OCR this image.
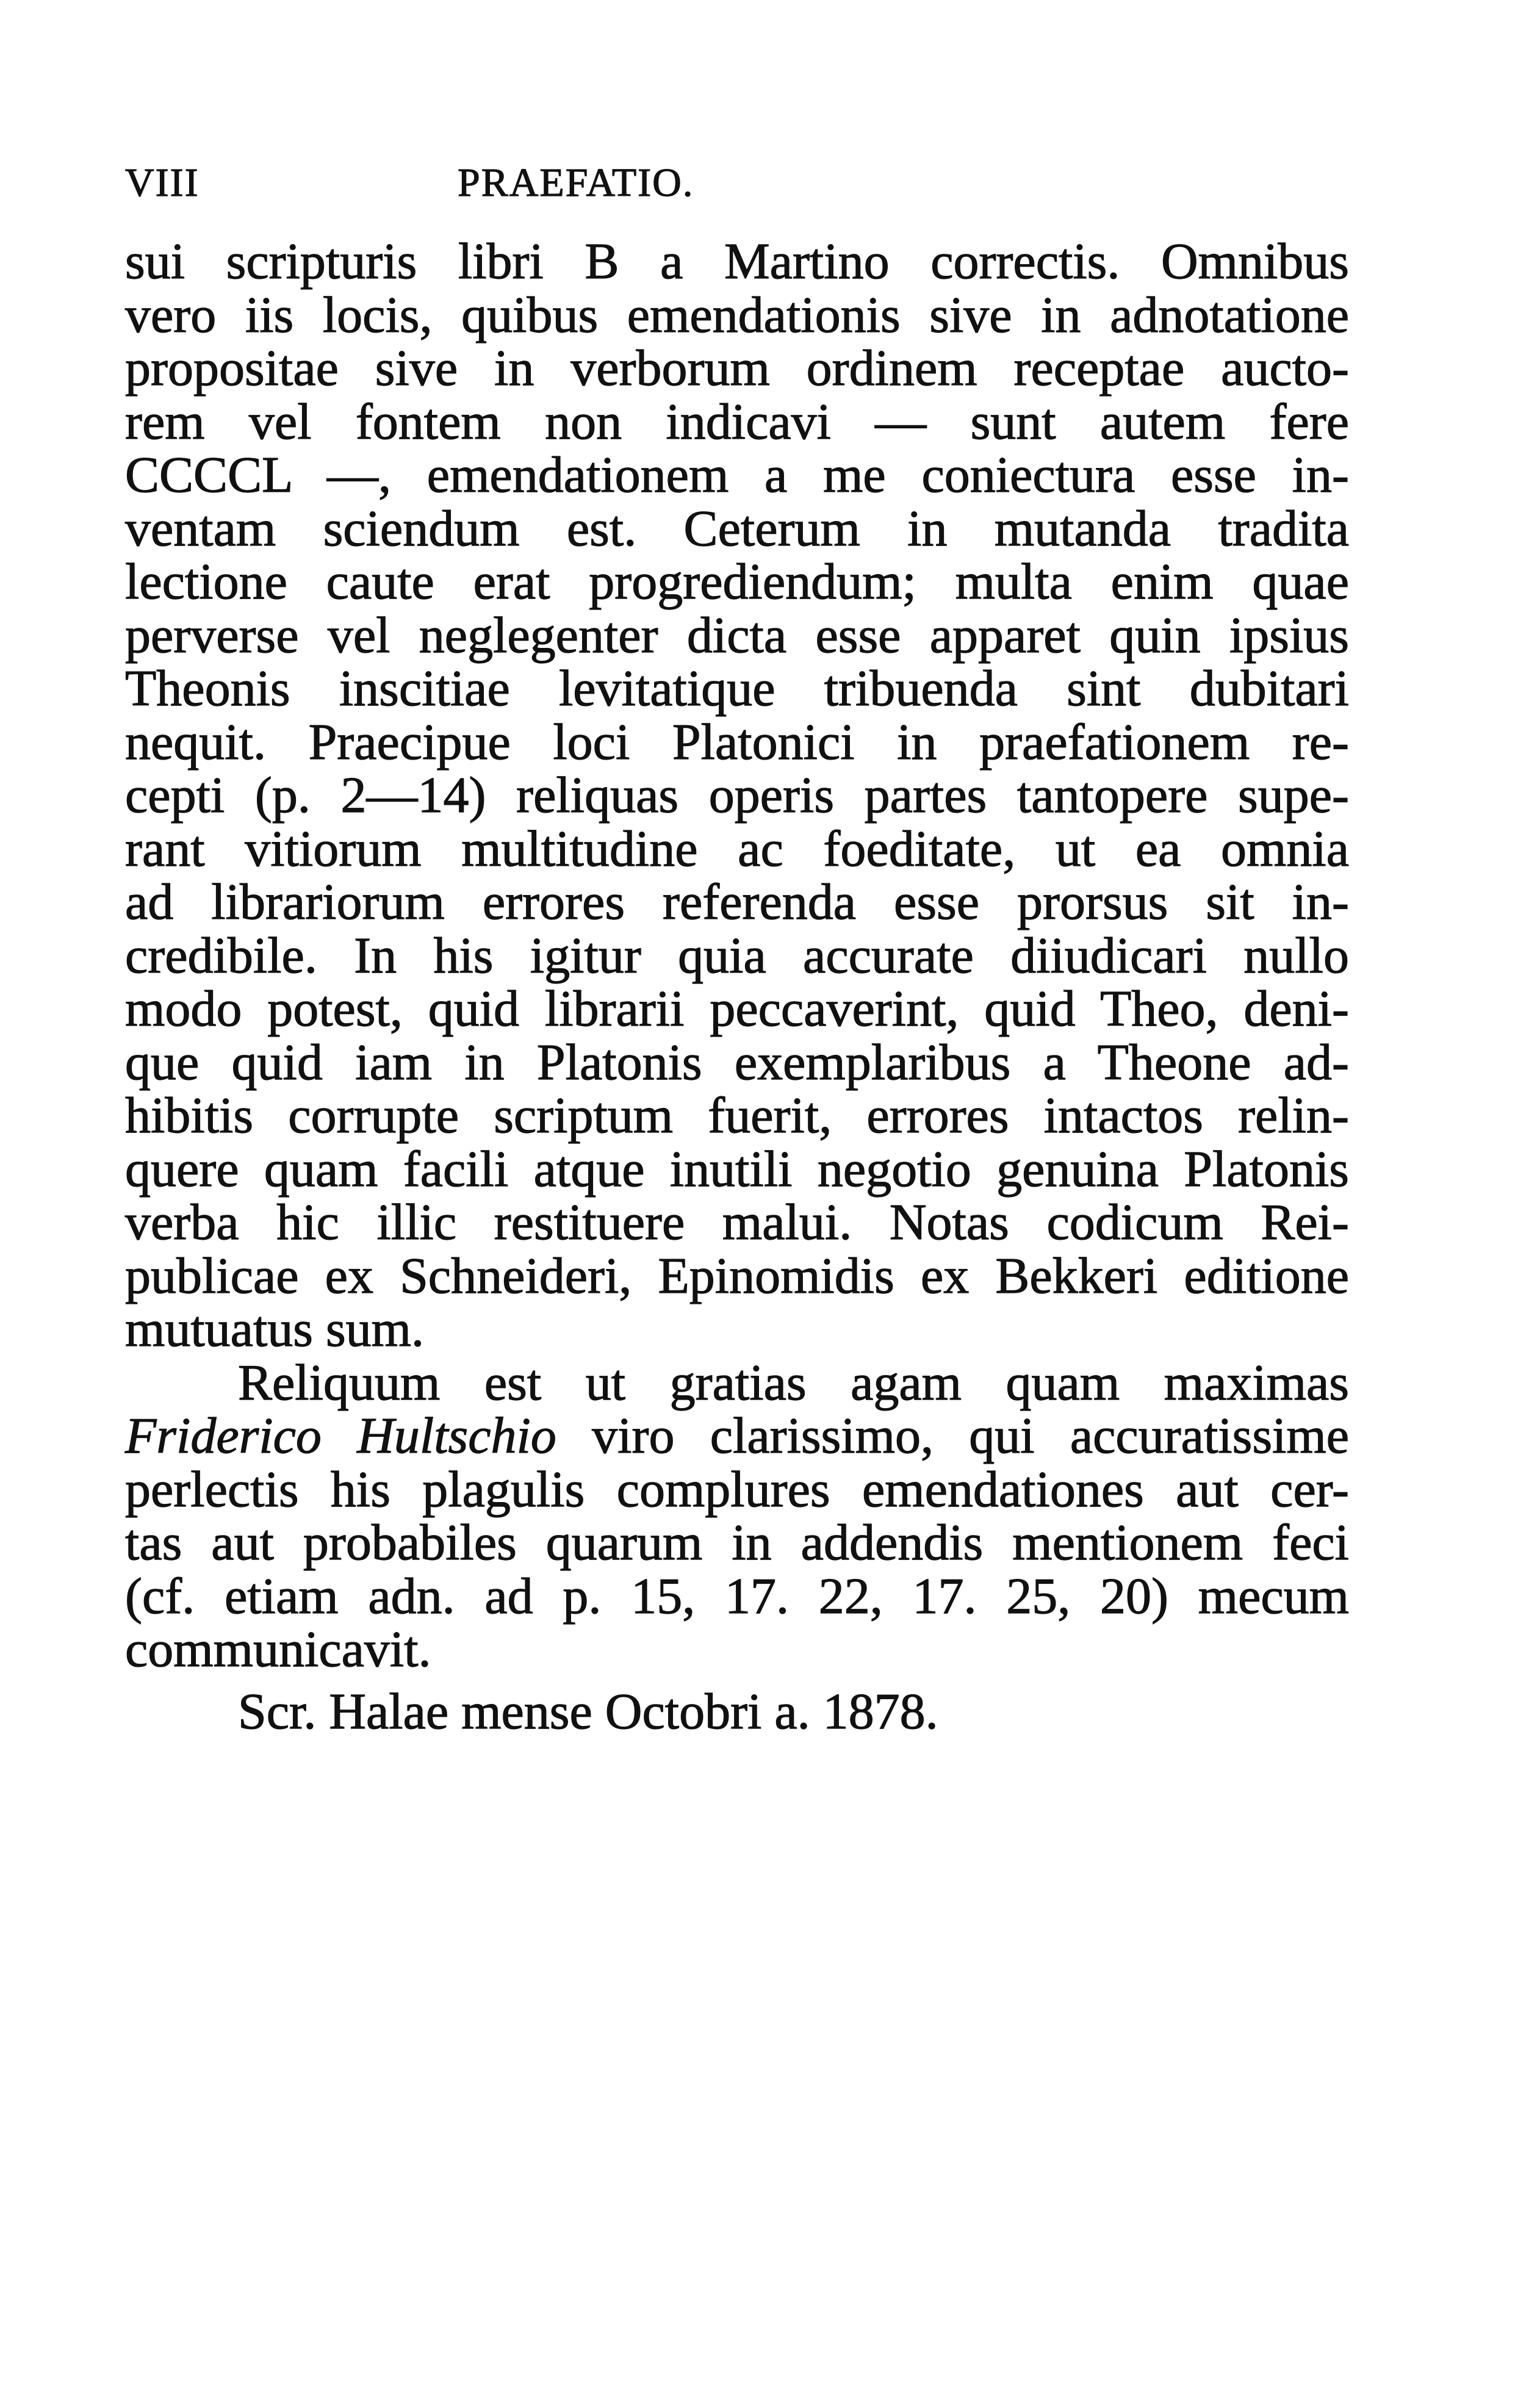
VIII	PRAEFATIO.
sui scripturis libri B a Martino correctis. Omnibus
vero iis locis, quibus emendationis sive in adnotatione
propositae sive in verborum ordinem receptae aucto-
rem vel fontem non indicavi — sunt autem fere
CCCCL —, emendationem a me coniectura esse in-
ventam sciendum est. Ceterum in mutanda tradita
lectione caute erat progrediendum; multa enim quae
perverse vel neglegenter dicta esse apparet quin ipsius
Theonis inscitiae levitatique tribuenda sint dubitari
nequit. Praecipue loci Platonici in praefationem re-
cepti (p. 2—14) reliquas operis partes tantopere supe-
rant vitiorum multitudine ac foeditate, ut ea omnia
ad librariorum errores referenda esse prorsus sit in-
credibile. In his igitur quia accurate diiudicari nullo
modo potest, quid librarii peccaverint, quid Theo, deni-
que quid iam in Platonis exemplaribus a Theone ad-
hibitis corrupte scriptum fuerit, errores intactos relin-
quere quam facili atque inutili negotio genuina Platonis
verba hic illic restituere malui. Notas codicum Rei-
publicae ex Schneideri, Epinomidis ex Bekkeri editione
mutuatus sum.
Reliquum est ut gratias agam quam maximas
Friderico Hultschio viro clarissimo, qui accuratissime
perlectis his plagulis complures emendationes aut cer-
tas aut probabiles quarum in addendis mentionem feci
(cf. etiam adn. ad p. 15, 17. 22, 17. 25, 20) mecum
communicavit.
Scr. Halae mense Octobri a. 1878.
